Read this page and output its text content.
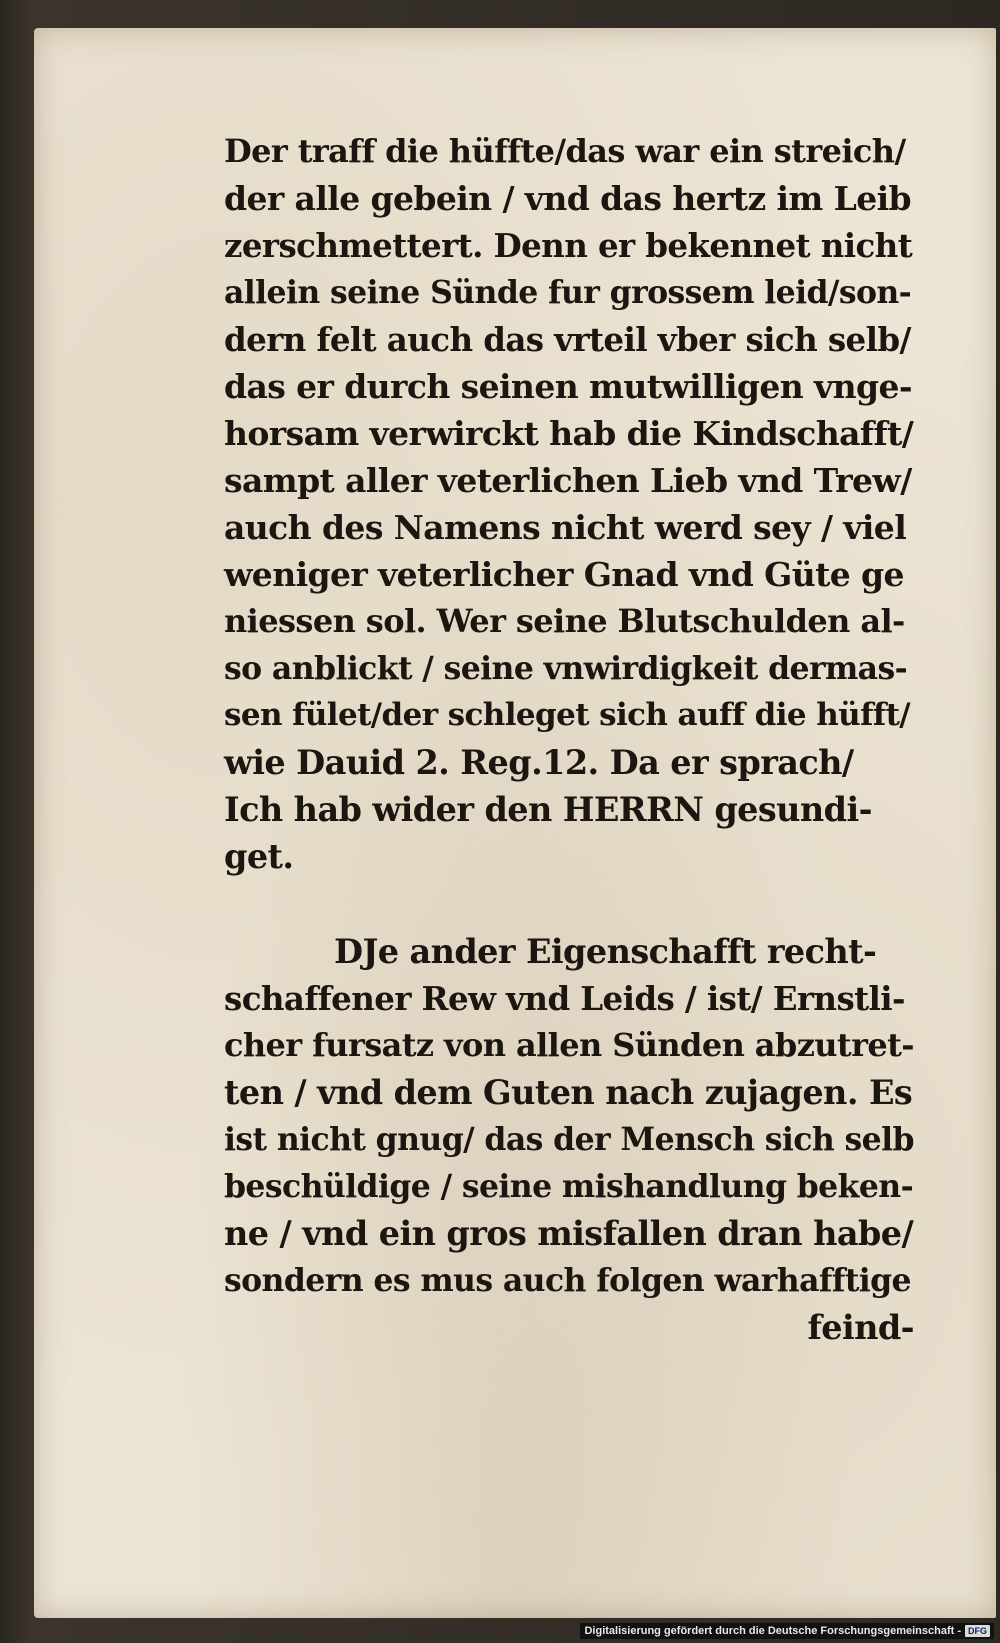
Der traff die hüffte/das war ein streich/
der alle gebein / vnd das hertz im Leib
zerschmettert. Denn er bekennet nicht
allein seine Sünde fur grossem leid/son-
dern felt auch das vrteil vber sich selb/
das er durch seinen mutwilligen vnge-
horsam verwirckt hab die Kindschafft/
sampt aller veterlichen Lieb vnd Trew/
auch des Namens nicht werd sey / viel
weniger veterlicher Gnad vnd Güte ge
niessen sol. Wer seine Blutschulden al-
so anblickt / seine vnwirdigkeit dermas-
sen fület/der schleget sich auff die hüfft/
wie Dauid 2. Reg.12. Da er sprach/
Ich hab wider den HERRN gesundi-
get.
DJe ander Eigenschafft recht-
schaffener Rew vnd Leids / ist/ Ernstli-
cher fursatz von allen Sünden abzutret-
ten / vnd dem Guten nach zujagen. Es
ist nicht gnug/ das der Mensch sich selb
beschüldige / seine mishandlung beken-
ne / vnd ein gros misfallen dran habe/
sondern es mus auch folgen warhafftige
feind-
Digitalisierung gefördert durch die Deutsche Forschungsgemeinschaft - DFG
